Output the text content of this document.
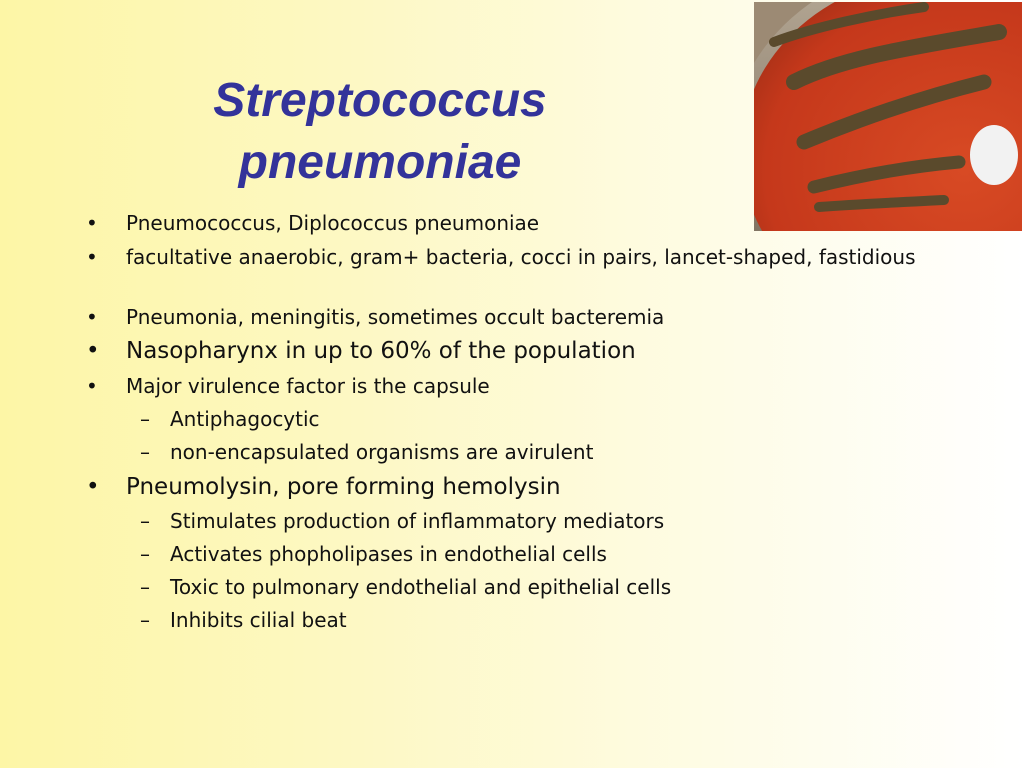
Streptococcus
pneumoniae
• Pneumococcus, Diplococcus pneumoniae
• facultative anaerobic, gram+ bacteria, cocci in pairs, lancet-shaped, fastidious
• Pneumonia, meningitis, sometimes occult bacteremia
• Nasopharynx in up to 60% of the population
• Major virulence factor is the capsule
– Antiphagocytic
– non-encapsulated organisms are avirulent
• Pneumolysin, pore forming hemolysin
– Stimulates production of inflammatory mediators
– Activates phopholipases in endothelial cells
– Toxic to pulmonary endothelial and epithelial cells
– Inhibits cilial beat
